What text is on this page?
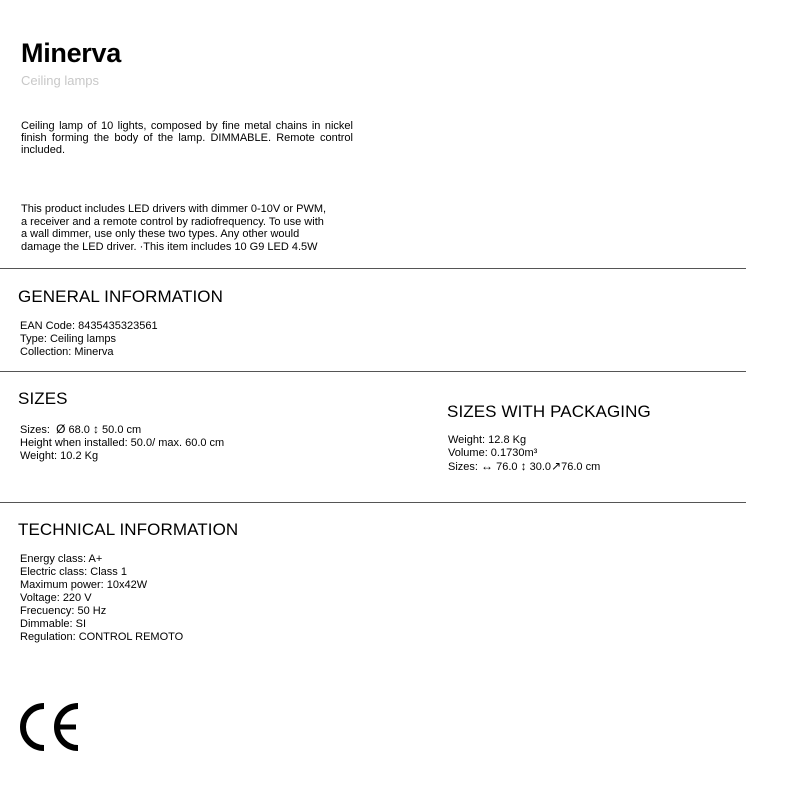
Minerva
Ceiling lamps
Ceiling lamp of 10 lights, composed by fine metal chains in nickel finish forming the body of the lamp. DIMMABLE. Remote control included.
This product includes LED drivers with dimmer 0-10V or PWM, a receiver and a remote control by radiofrequency. To use with a wall dimmer, use only these two types. Any other would damage the LED driver. ·This item includes 10 G9 LED 4.5W
GENERAL INFORMATION
EAN Code: 8435435323561
Type: Ceiling lamps
Collection: Minerva
SIZES
Sizes: Ø 68.0 ↕ 50.0 cm
Height when installed: 50.0/ max. 60.0 cm
Weight: 10.2 Kg
SIZES WITH PACKAGING
Weight: 12.8 Kg
Volume: 0.1730m³
Sizes: ↔ 76.0 ↕ 30.0↗76.0 cm
TECHNICAL INFORMATION
Energy class: A+
Electric class: Class 1
Maximum power: 10x42W
Voltage: 220 V
Frecuency: 50 Hz
Dimmable: SI
Regulation: CONTROL REMOTO
